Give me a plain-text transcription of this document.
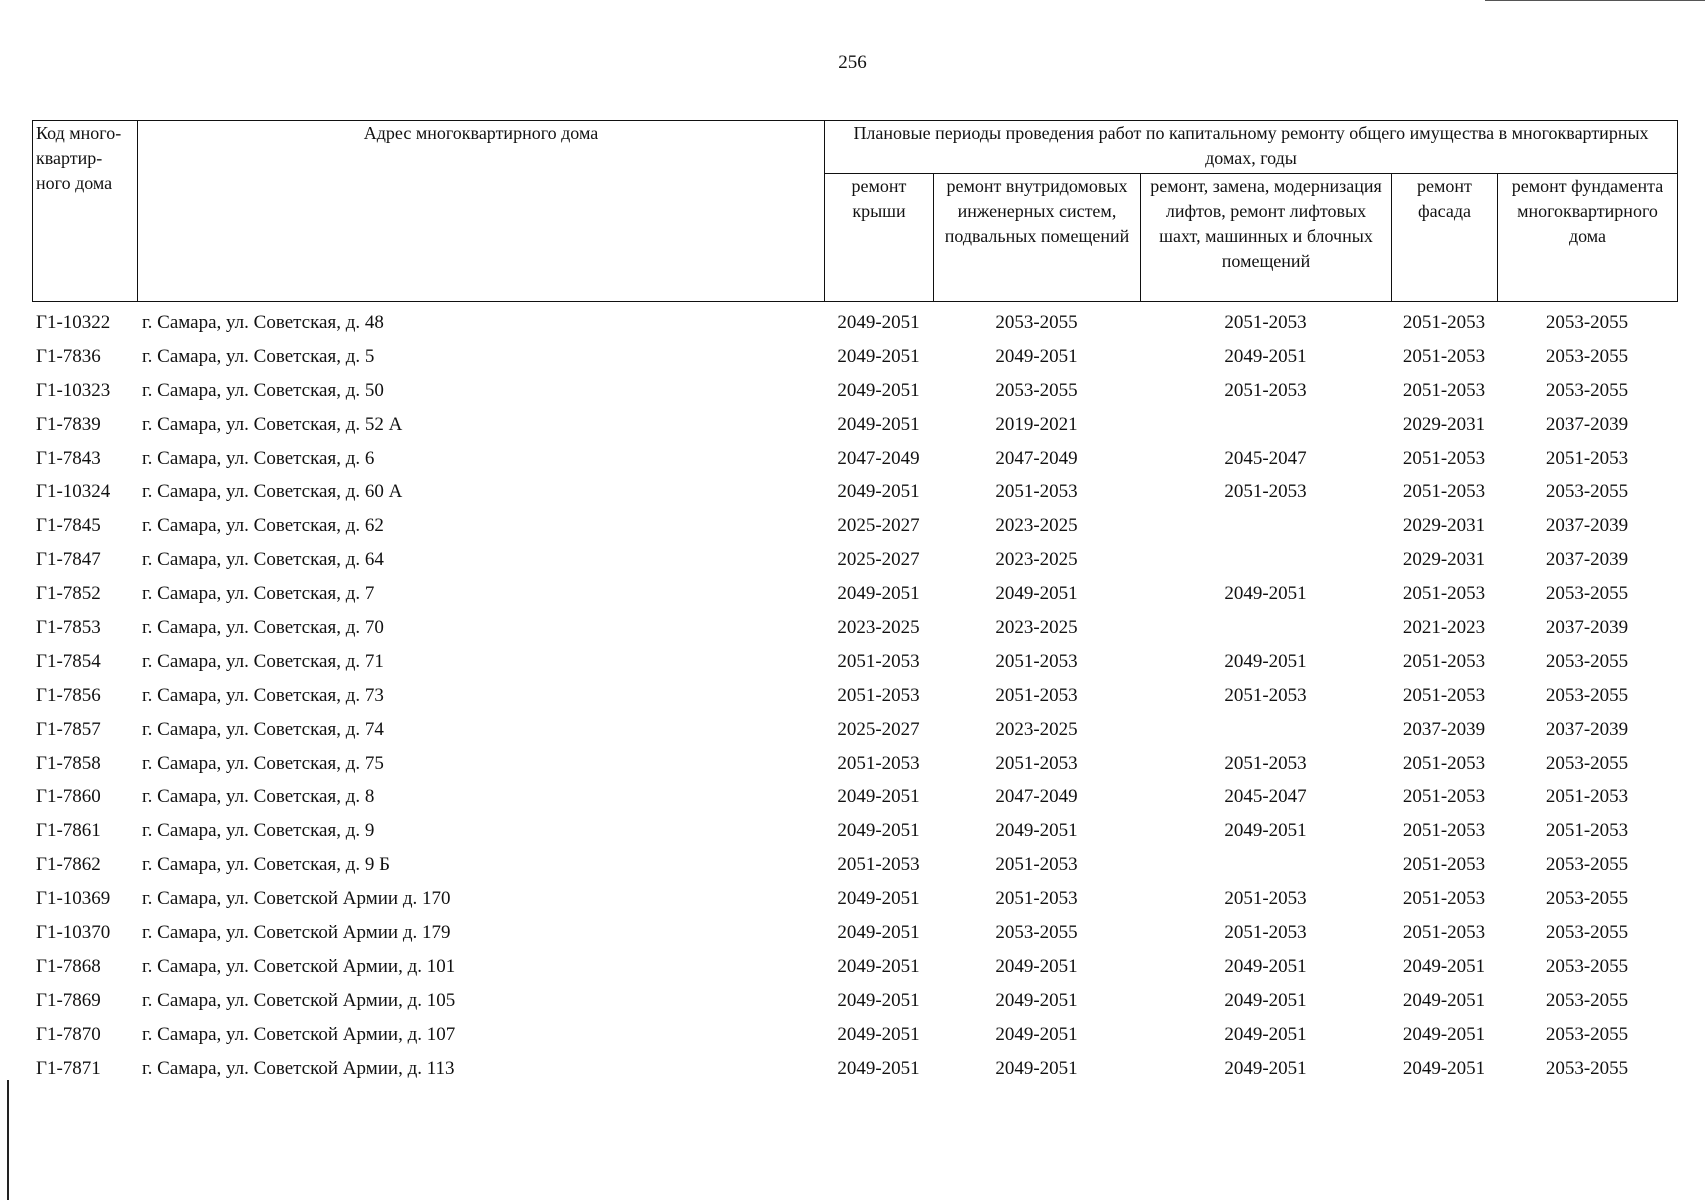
256
Код много-квартир-ного дома	Адрес многоквартирного дома	Плановые периоды проведения работ по капитальному ремонту общего имущества в многоквартирных домах, годы				
		ремонт крыши	ремонт внутридомовых инженерных систем, подвальных помещений	ремонт, замена, модернизация лифтов, ремонт лифтовых шахт, машинных и блочных помещений	ремонт фасада	ремонт фундамента многоквартирного дома
Г1-10322	г. Самара, ул. Советская, д. 48	2049-2051	2053-2055	2051-2053	2051-2053	2053-2055
Г1-7836	г. Самара, ул. Советская, д. 5	2049-2051	2049-2051	2049-2051	2051-2053	2053-2055
Г1-10323	г. Самара, ул. Советская, д. 50	2049-2051	2053-2055	2051-2053	2051-2053	2053-2055
Г1-7839	г. Самара, ул. Советская, д. 52 А	2049-2051	2019-2021		2029-2031	2037-2039
Г1-7843	г. Самара, ул. Советская, д. 6	2047-2049	2047-2049	2045-2047	2051-2053	2051-2053
Г1-10324	г. Самара, ул. Советская, д. 60 А	2049-2051	2051-2053	2051-2053	2051-2053	2053-2055
Г1-7845	г. Самара, ул. Советская, д. 62	2025-2027	2023-2025		2029-2031	2037-2039
Г1-7847	г. Самара, ул. Советская, д. 64	2025-2027	2023-2025		2029-2031	2037-2039
Г1-7852	г. Самара, ул. Советская, д. 7	2049-2051	2049-2051	2049-2051	2051-2053	2053-2055
Г1-7853	г. Самара, ул. Советская, д. 70	2023-2025	2023-2025		2021-2023	2037-2039
Г1-7854	г. Самара, ул. Советская, д. 71	2051-2053	2051-2053	2049-2051	2051-2053	2053-2055
Г1-7856	г. Самара, ул. Советская, д. 73	2051-2053	2051-2053	2051-2053	2051-2053	2053-2055
Г1-7857	г. Самара, ул. Советская, д. 74	2025-2027	2023-2025		2037-2039	2037-2039
Г1-7858	г. Самара, ул. Советская, д. 75	2051-2053	2051-2053	2051-2053	2051-2053	2053-2055
Г1-7860	г. Самара, ул. Советская, д. 8	2049-2051	2047-2049	2045-2047	2051-2053	2051-2053
Г1-7861	г. Самара, ул. Советская, д. 9	2049-2051	2049-2051	2049-2051	2051-2053	2051-2053
Г1-7862	г. Самара, ул. Советская, д. 9 Б	2051-2053	2051-2053		2051-2053	2053-2055
Г1-10369	г. Самара, ул. Советской Армии д. 170	2049-2051	2051-2053	2051-2053	2051-2053	2053-2055
Г1-10370	г. Самара, ул. Советской Армии д. 179	2049-2051	2053-2055	2051-2053	2051-2053	2053-2055
Г1-7868	г. Самара, ул. Советской Армии, д. 101	2049-2051	2049-2051	2049-2051	2049-2051	2053-2055
Г1-7869	г. Самара, ул. Советской Армии, д. 105	2049-2051	2049-2051	2049-2051	2049-2051	2053-2055
Г1-7870	г. Самара, ул. Советской Армии, д. 107	2049-2051	2049-2051	2049-2051	2049-2051	2053-2055
Г1-7871	г. Самара, ул. Советской Армии, д. 113	2049-2051	2049-2051	2049-2051	2049-2051	2053-2055
